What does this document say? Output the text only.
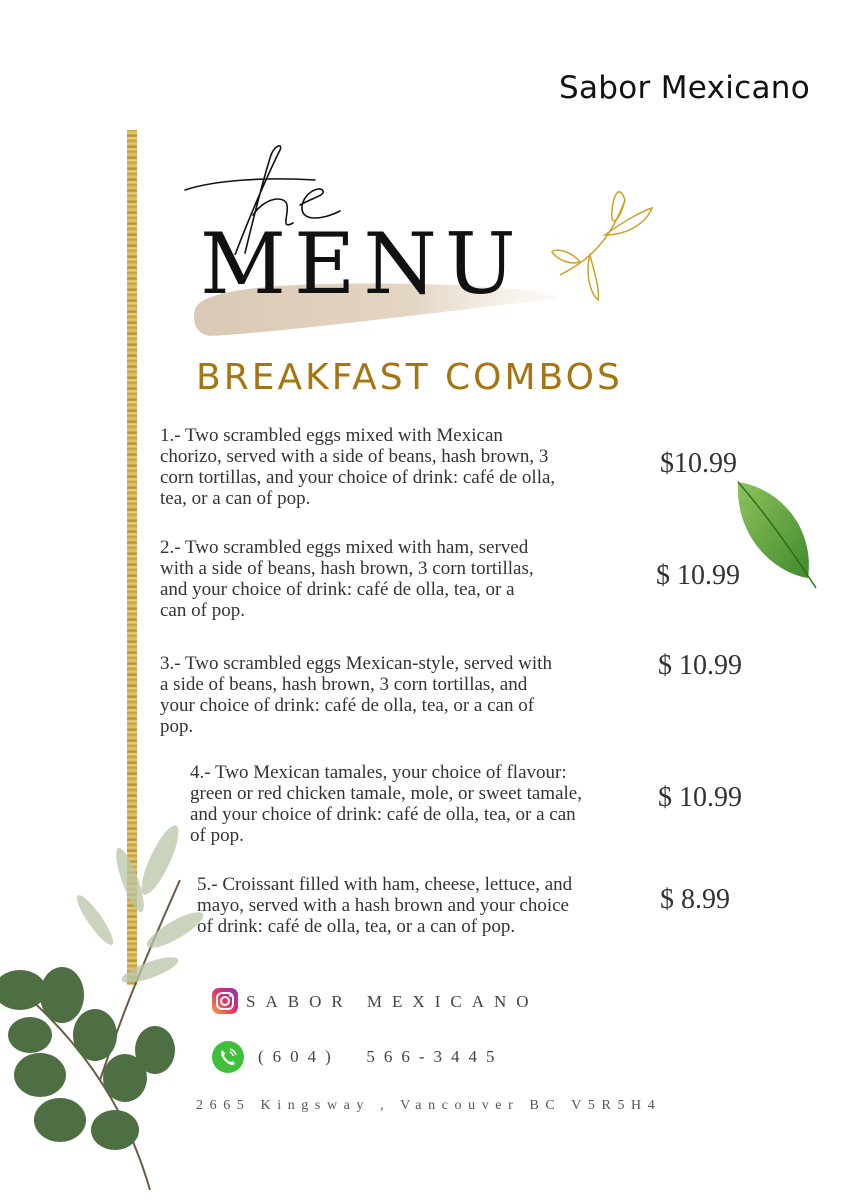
Sabor Mexicano
MENU
BREAKFAST COMBOS
1.- Two scrambled eggs mixed with Mexican
chorizo, served with a side of beans, hash brown, 3
corn tortillas, and your choice of drink: café de olla,
tea, or a can of pop.
$10.99
2.- Two scrambled eggs mixed with ham, served
with a side of beans, hash brown, 3 corn tortillas,
and your choice of drink: café de olla, tea, or a
can of pop.
$ 10.99
3.- Two scrambled eggs Mexican-style, served with
a side of beans, hash brown, 3 corn tortillas, and
your choice of drink: café de olla, tea, or a can of
pop.
$ 10.99
4.- Two Mexican tamales, your choice of flavour:
green or red chicken tamale, mole, or sweet tamale,
and your choice of drink: café de olla, tea, or a can
of pop.
$ 10.99
5.- Croissant filled with ham, cheese, lettuce, and
mayo, served with a hash brown and your choice
of drink: café de olla, tea, or a can of pop.
$ 8.99
SABOR MEXICANO
(604)  566-3445
2665 Kingsway , Vancouver BC V5R5H4
